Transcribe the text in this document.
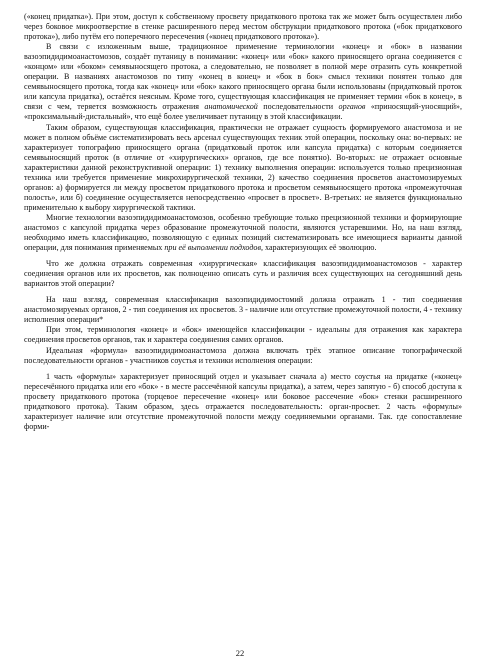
(«конец придатка»). При этом, доступ к собственному просвету придаткового протока так же может быть осуществлен либо через боковое микроотверстие в стенке расширенного перед местом обструкции придаткового протока («бок придаткового протока»), либо путём его поперечного пересечения («конец придаткового протока»).

В связи с изложенным выше, традиционное применение терминологии «конец» и «бок» в названии вазоэпидидимоанастомозов, создаёт путаницу в понимании: «конец» или «бок» какого приносящего органа соединяется с «концом» или «боком» семявыносящего протока, а следовательно, не позволяет в полной мере отразить суть конкретной операции. В названиях анастомозов по типу «конец в конец» и «бок в бок» смысл техники понятен только для семявыносящего протока, тогда как «конец» или «бок» какого приносящего органа были использованы (придатковый проток или капсула придатка), остаётся неясным. Кроме того, существующая классификация не применяет термин «бок в конец», в связи с чем, теряется возможность отражения анатомической последовательности органов «приносящий-уносящий», «проксимальный-дистальный», что ещё более увеличивает путаницу в этой классификации.

Таким образом, существующая классификация, практически не отражает сущность формируемого анастомоза и не может в полном объёме систематизировать весь арсенал существующих техник этой операции, поскольку она: во-первых: не характеризует топографию приносящего органа (придатковый проток или капсула придатка) с которым соединяется семявыносящий проток (в отличие от «хирургических» органов, где все понятно). Во-вторых: не отражает основные характеристики данной реконструктивной операции: 1) технику выполнения операции: используется только прецизионная техника или требуется применение микрохирургической техники, 2) качество соединения просветов анастомозируемых органов: а) формируется ли между просветом придаткового протока и просветом семявыносящего протока «промежуточная полость», или б) соединение осуществляется непосредственно «просвет в просвет». В-третьих: не является функционально применительно к выбору хирургической тактики.

Многие технологии вазоэпидидимоанастомозов, особенно требующие только прецизионной техники и формирующие анастомоз с капсулой придатка через образование промежуточной полости, являются устаревшими. Но, на наш взгляд, необходимо иметь классификацию, позволяющую с единых позиций систематизировать все имеющиеся варианты данной операции, для понимания применяемых при её выполнении подходов, характеризующих её эволюцию.

Что же должна отражать современная «хирургическая» классификация вазоэпидидимоанастомозов - характер соединения органов или их просветов, как полноценно описать суть и различия всех существующих на сегодняшний день вариантов этой операции?

На наш взгляд, современная классификация вазоэпидидимостомий должна отражать 1 - тип соединения анастомозируемых органов, 2 - тип соединения их просветов. 3 - наличие или отсутствие промежуточной полости, 4 - технику исполнения операции*

При этом, терминология «конец» и «бок» имеющейся классификации - идеальны для отражения как характера соединения просветов органов, так и характера соединения самих органов.

Идеальная «формула» вазоэпидидимоанастомоза должна включать трёх этапное описание топографической последовательности органов - участников соустья и техники исполнения операции:

1 часть «формулы» характеризует приносящий отдел и указывает сначала а) место соустья на придатке («конец» пересечённого придатка или его «бок» - в месте рассечённой капсулы придатка), а затем, через запятую - б) способ доступа к просвету придаткового протока (торцевое пересечение «конец» или боковое рассечение «бок» стенки расширенного придаткового протока). Таким образом, здесь отражается последовательность: орган-просвет. 2 часть «формулы» характеризует наличие или отсутствие промежуточной полости между соединяемыми органами. Так. где сопоставление форми-

22
